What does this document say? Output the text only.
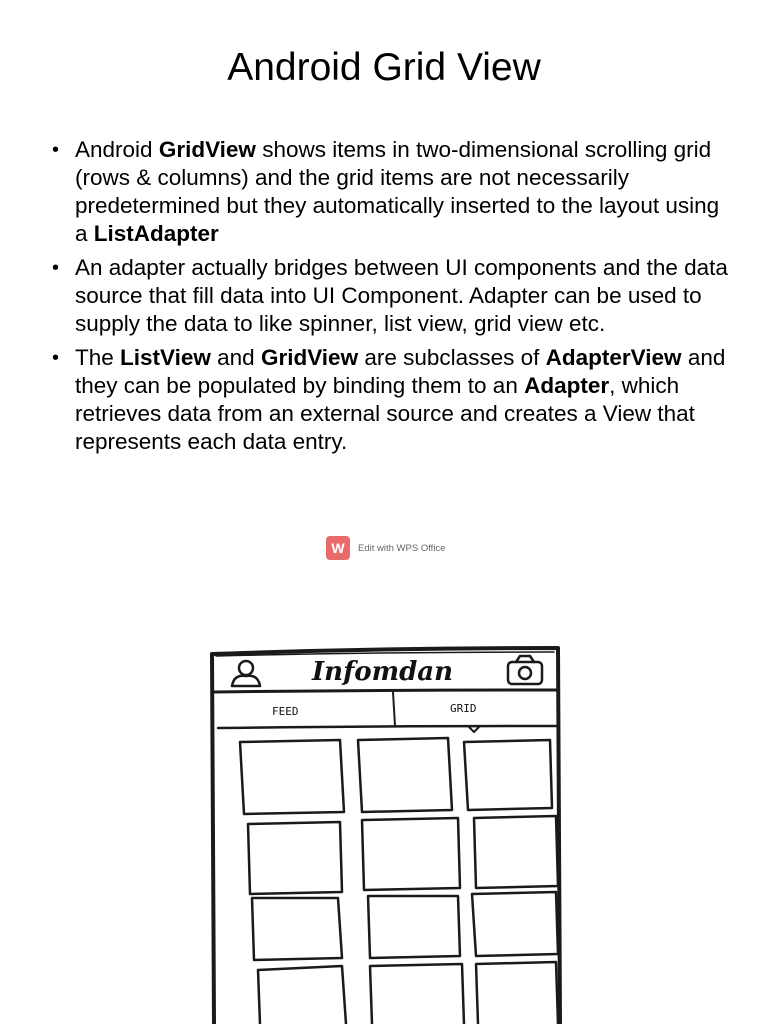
Android Grid View
• Android GridView shows items in two-dimensional scrolling grid (rows & columns) and the grid items are not necessarily predetermined but they automatically inserted to the layout using a ListAdapter
• An adapter actually bridges between UI components and the data source that fill data into UI Component. Adapter can be used to supply the data to like spinner, list view, grid view etc.
• The ListView and GridView are subclasses of AdapterView and they can be populated by binding them to an Adapter, which retrieves data from an external source and creates a View that represents each data entry.
W	Edit with WPS Office
Infomdan
FEED	GRID
